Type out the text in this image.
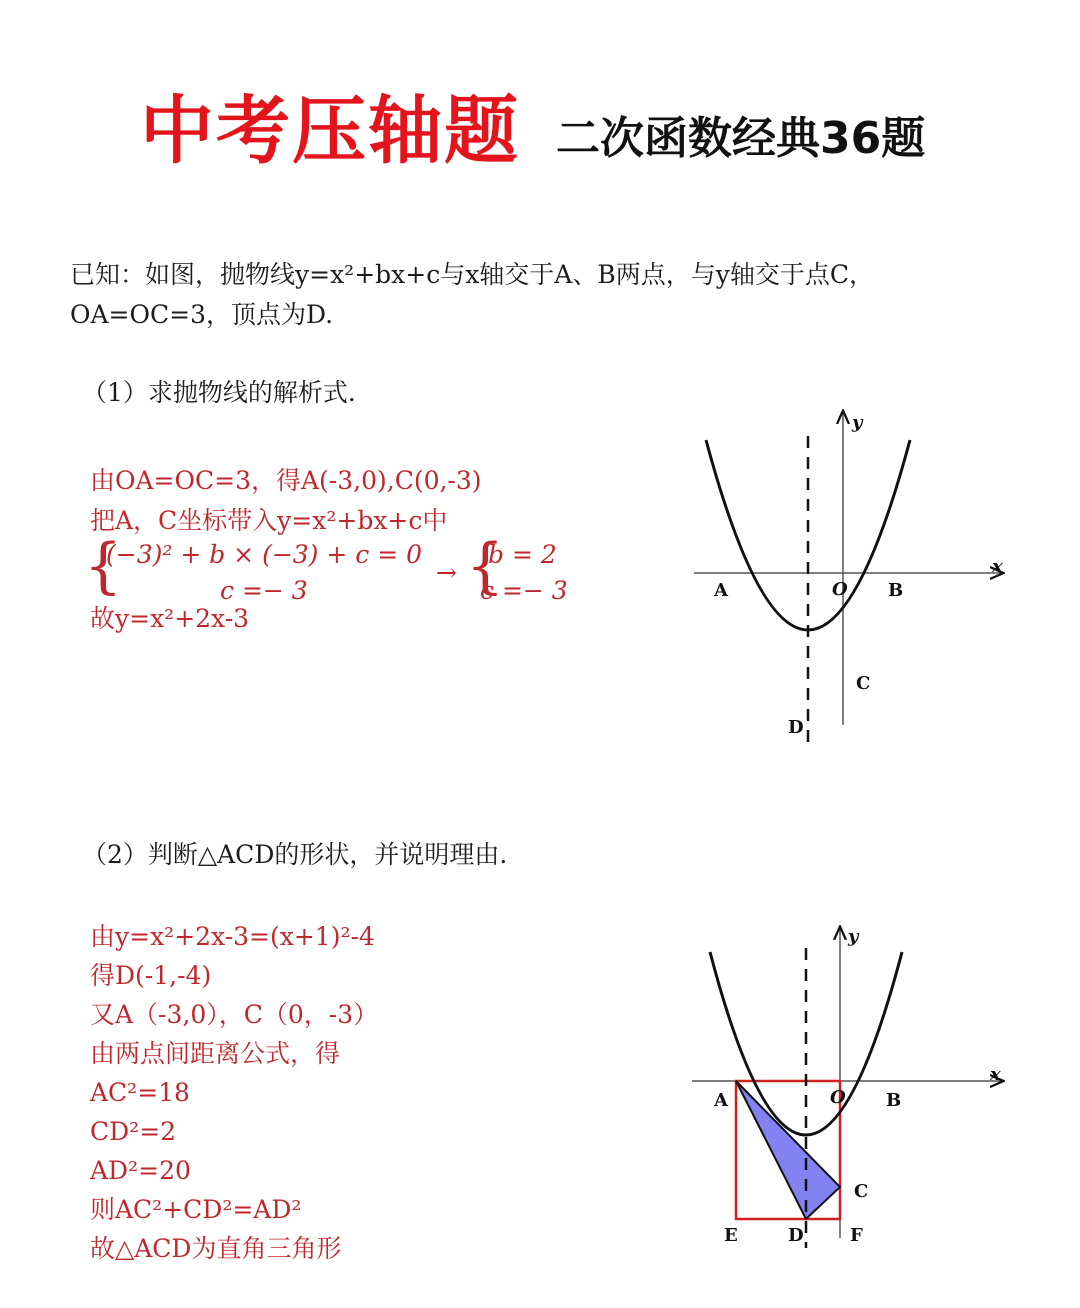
中考压轴题 二次函数经典36题
已知：如图，抛物线y=x²+bx+c与x轴交于A、B两点，与y轴交于点C，
OA=OC=3，顶点为D.
（1）求抛物线的解析式.
由OA=OC=3，得A(-3,0),C(0,-3)
把A，C坐标带入y=x²+bx+c中
{
(−3)² + b × (−3) + c = 0
c =− 3
→ {
b = 2
c =− 3
故y=x²+2x-3
y
x
O
A	B
C
D
（2）判断△ACD的形状，并说明理由.
由y=x²+2x-3=(x+1)²-4
得D(-1,-4)
又A（-3,0），C（0，-3）
由两点间距离公式，得
AC²=18
CD²=2
AD²=20
则AC²+CD²=AD²
故△ACD为直角三角形
y
x
O
A	B
C
D
E	F
